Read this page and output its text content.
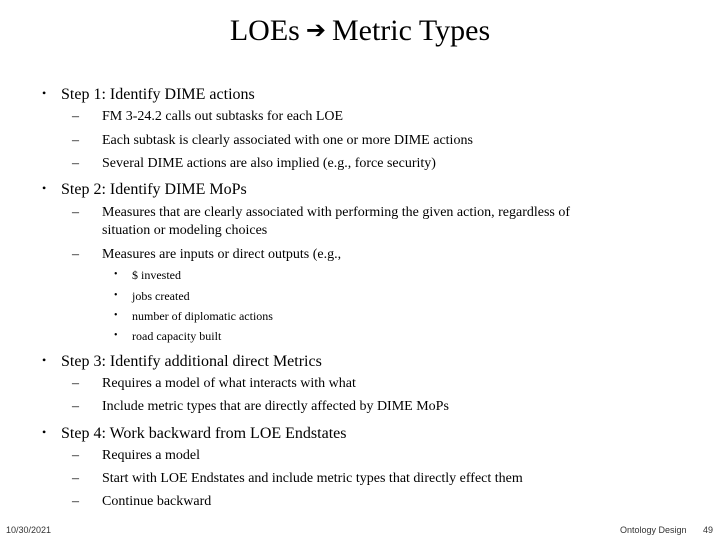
LOEs ➔ Metric Types
• Step 1: Identify DIME actions
– FM 3-24.2 calls out subtasks for each LOE
– Each subtask is clearly associated with one or more DIME actions
– Several DIME actions are also implied (e.g., force security)
• Step 2: Identify DIME MoPs
– Measures that are clearly associated with performing the given action, regardless of
situation or modeling choices
– Measures are inputs or direct outputs (e.g.,
• $ invested
• jobs created
• number of diplomatic actions
• road capacity built
• Step 3: Identify additional direct Metrics
– Requires a model of what interacts with what
– Include metric types that are directly affected by DIME MoPs
• Step 4: Work backward from LOE Endstates
– Requires a model
– Start with LOE Endstates and include metric types that directly effect them
– Continue backward
10/30/2021	Ontology Design 49
